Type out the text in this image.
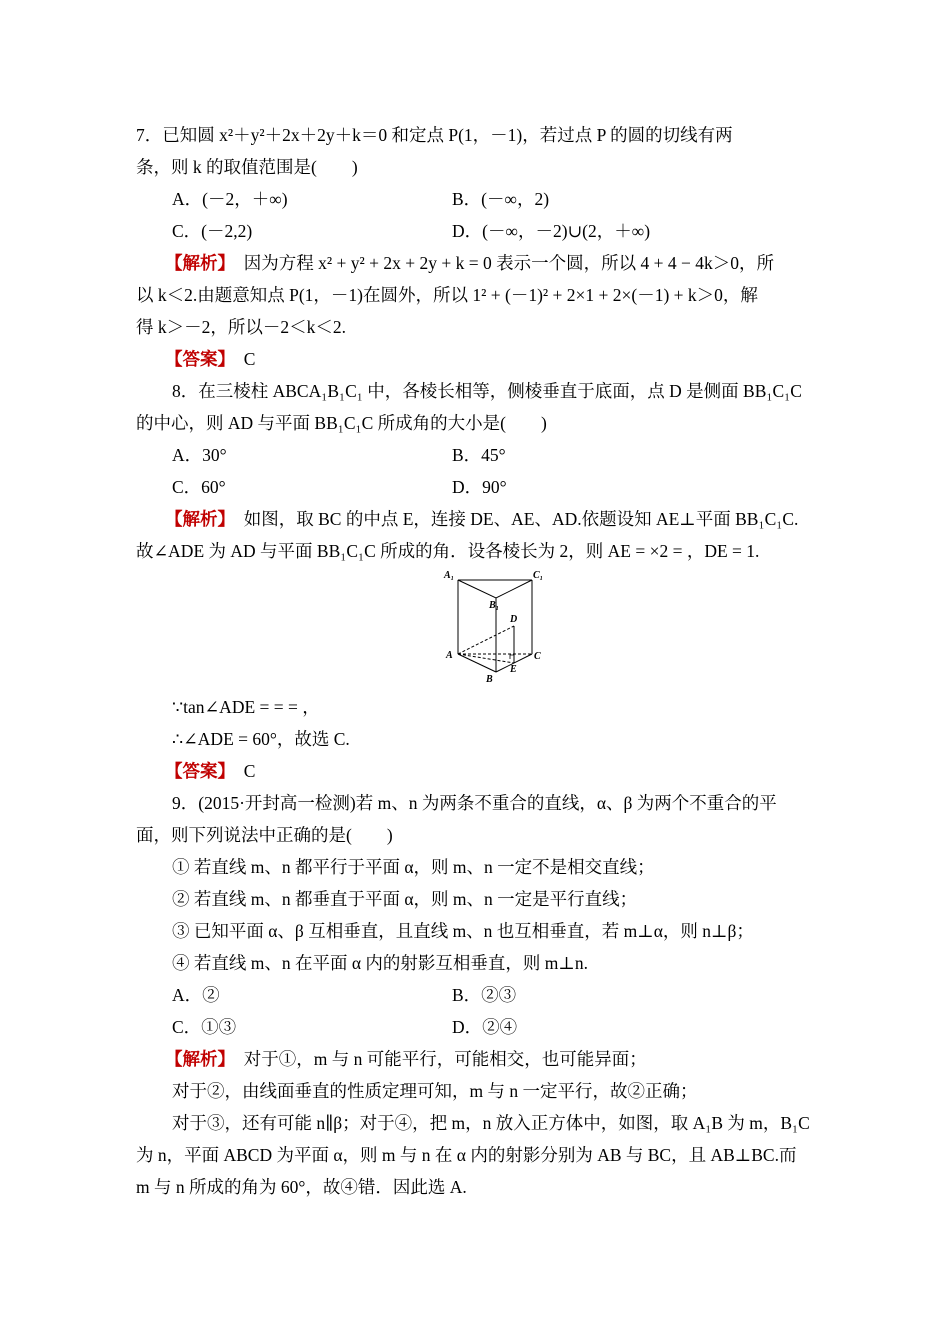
7．已知圆 x²＋y²＋2x＋2y＋k＝0 和定点 P(1，－1)，若过点 P 的圆的切线有两
条，则 k 的取值范围是(　　)
A．(－2，＋∞)	B．(－∞，2)
C．(－2,2)	D．(－∞，－2)∪(2，＋∞)
【解析】　因为方程 x² + y² + 2x + 2y + k = 0 表示一个圆，所以 4 + 4 − 4k＞0，所
以 k＜2.由题意知点 P(1，－1)在圆外，所以 1² + (－1)² + 2×1 + 2×(－1) + k＞0，解
得 k＞－2，所以－2＜k＜2.
【答案】　C
8．在三棱柱 ABCA₁B₁C₁ 中，各棱长相等，侧棱垂直于底面，点 D 是侧面 BB₁C₁C
的中心，则 AD 与平面 BB₁C₁C 所成角的大小是(　　)
A．30°	B．45°
C．60°	D．90°
【解析】　如图，取 BC 的中点 E，连接 DE、AE、AD.依题设知 AE⊥平面 BB₁C₁C.
故∠ADE 为 AD 与平面 BB₁C₁C 所成的角．设各棱长为 2，则 AE = ×2 = ，DE = 1.
A₁	C₁
B₁
D
A	C
E
B
∵tan∠ADE = = = ，
∴∠ADE = 60°，故选 C.
【答案】　C
9．(2015·开封高一检测)若 m、n 为两条不重合的直线，α、β 为两个不重合的平
面，则下列说法中正确的是(　　)
① 若直线 m、n 都平行于平面 α，则 m、n 一定不是相交直线；
② 若直线 m、n 都垂直于平面 α，则 m、n 一定是平行直线；
③ 已知平面 α、β 互相垂直，且直线 m、n 也互相垂直，若 m⊥α，则 n⊥β；
④ 若直线 m、n 在平面 α 内的射影互相垂直，则 m⊥n.
A．②	B．②③
C．①③	D．②④
【解析】　对于①，m 与 n 可能平行，可能相交，也可能异面；
对于②，由线面垂直的性质定理可知，m 与 n 一定平行，故②正确；
对于③，还有可能 n∥β；对于④，把 m，n 放入正方体中，如图，取 A₁B 为 m，B₁C
为 n，平面 ABCD 为平面 α，则 m 与 n 在 α 内的射影分别为 AB 与 BC，且 AB⊥BC.而
m 与 n 所成的角为 60°，故④错．因此选 A.
